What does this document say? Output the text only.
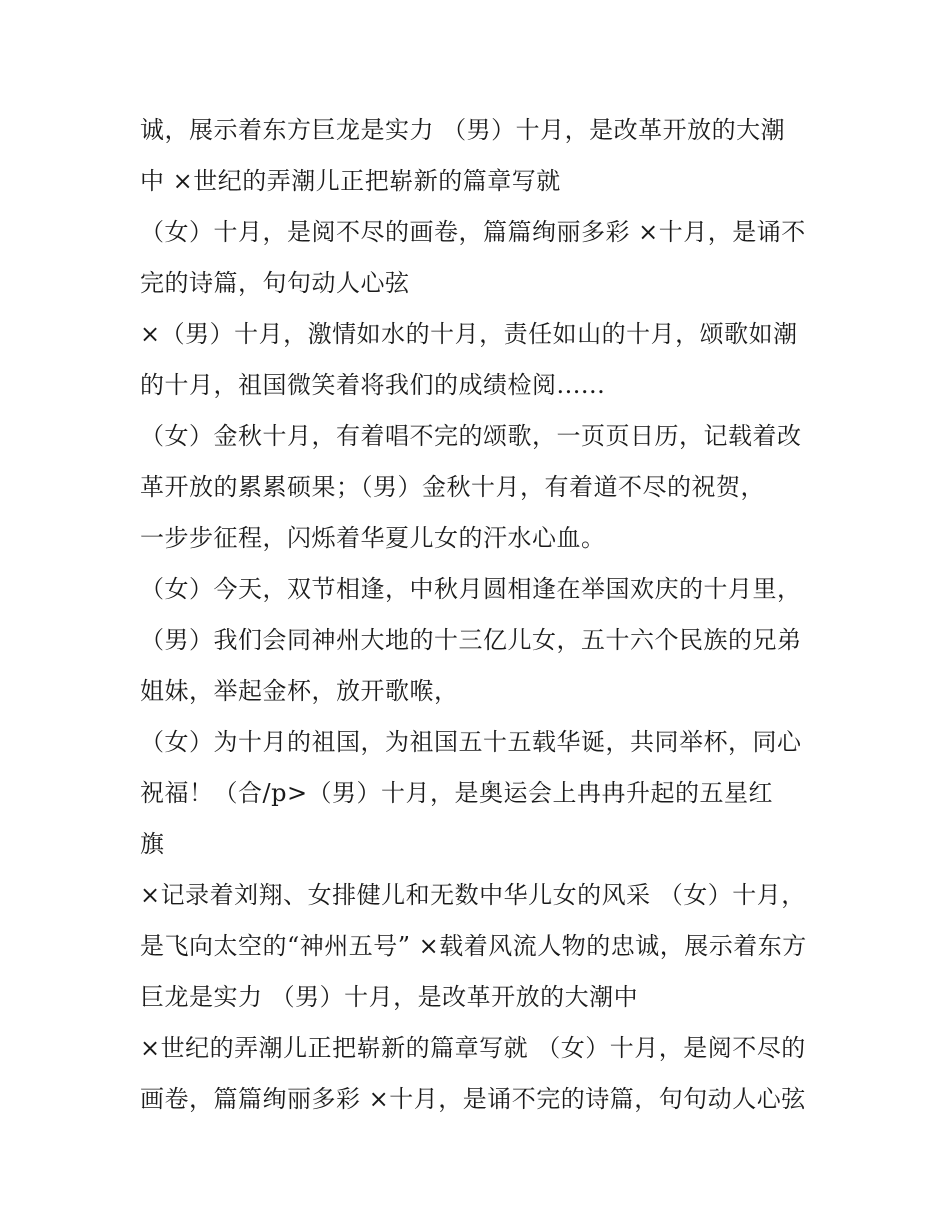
诚，展示着东方巨龙是实力 （男）十月，是改革开放的大潮
中 ×世纪的弄潮儿正把崭新的篇章写就
（女）十月，是阅不尽的画卷，篇篇绚丽多彩 ×十月，是诵不
完的诗篇，句句动人心弦
×（男）十月，激情如水的十月，责任如山的十月，颂歌如潮
的十月，祖国微笑着将我们的成绩检阅......
（女）金秋十月，有着唱不完的颂歌，一页页日历，记载着改
革开放的累累硕果；（男）金秋十月，有着道不尽的祝贺，
一步步征程，闪烁着华夏儿女的汗水心血。
（女）今天，双节相逢，中秋月圆相逢在举国欢庆的十月里，
（男）我们会同神州大地的十三亿儿女，五十六个民族的兄弟
姐妹，举起金杯，放开歌喉，
（女）为十月的祖国，为祖国五十五载华诞，共同举杯，同心
祝福！（合/p>（男）十月，是奥运会上冉冉升起的五星红
旗
×记录着刘翔、女排健儿和无数中华儿女的风采 （女）十月，
是飞向太空的“神州五号” ×载着风流人物的忠诚，展示着东方
巨龙是实力 （男）十月，是改革开放的大潮中
×世纪的弄潮儿正把崭新的篇章写就 （女）十月，是阅不尽的
画卷，篇篇绚丽多彩 ×十月，是诵不完的诗篇，句句动人心弦
